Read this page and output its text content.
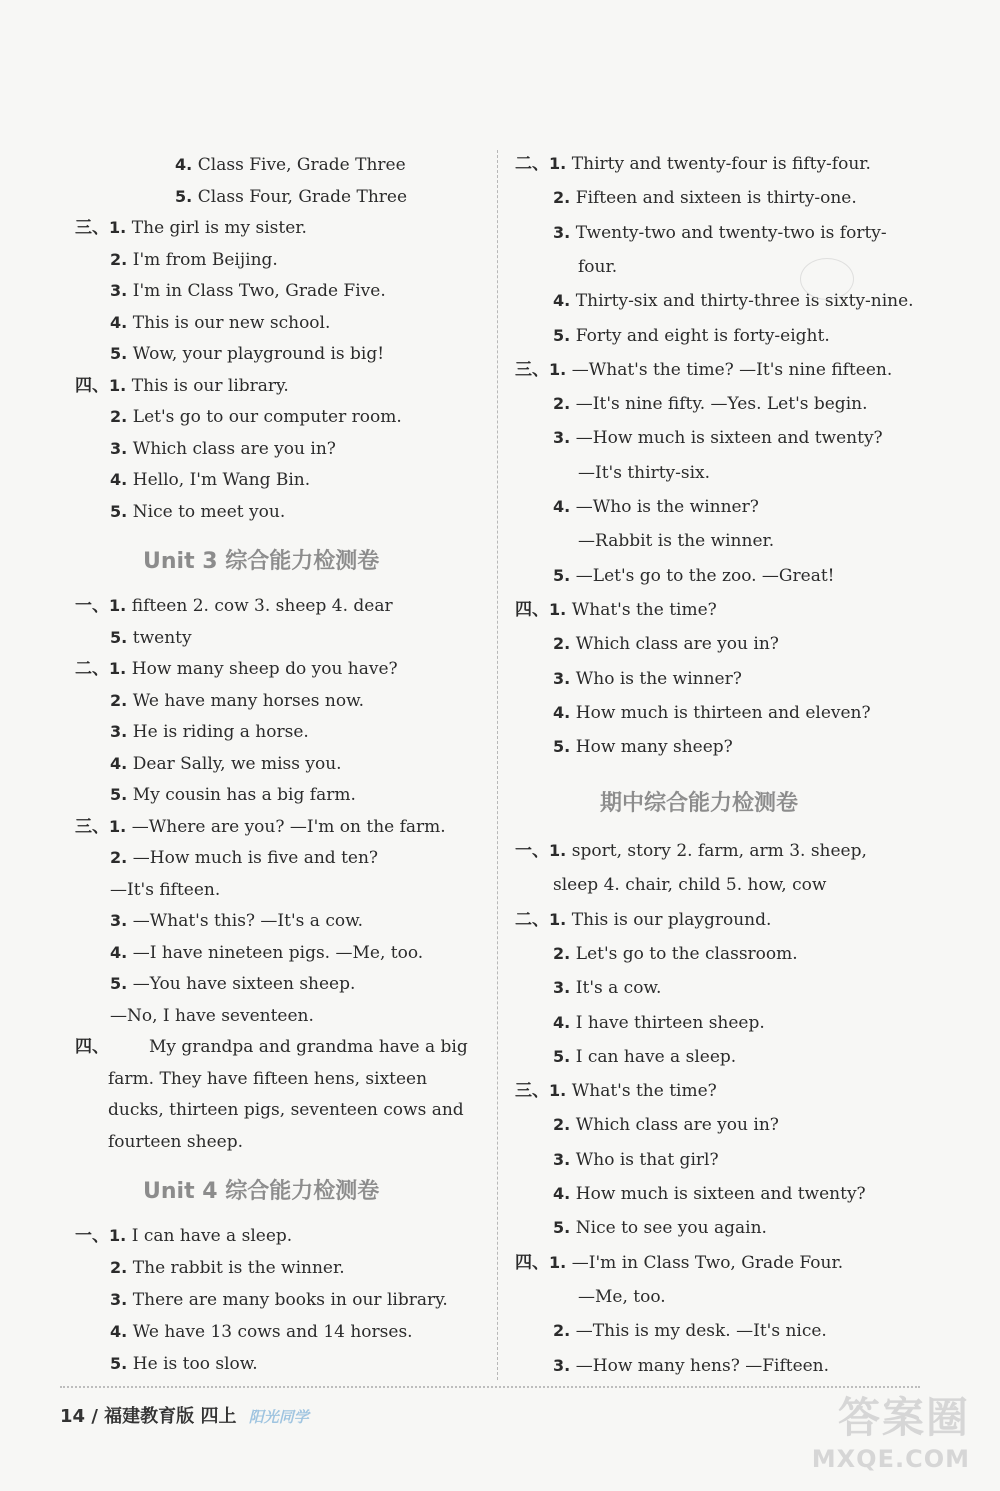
4. Class Five, Grade Three
5. Class Four, Grade Three
三、1. The girl is my sister.
2. I'm from Beijing.
3. I'm in Class Two, Grade Five.
4. This is our new school.
5. Wow, your playground is big!
四、1. This is our library.
2. Let's go to our computer room.
3. Which class are you in?
4. Hello, I'm Wang Bin.
5. Nice to meet you.
一、1. fifteen 2. cow 3. sheep 4. dear
5. twenty
二、1. How many sheep do you have?
2. We have many horses now.
3. He is riding a horse.
4. Dear Sally, we miss you.
5. My cousin has a big farm.
三、1. —Where are you? —I'm on the farm.
2. —How much is five and ten?
—It's fifteen.
3. —What's this? —It's a cow.
4. —I have nineteen pigs. —Me, too.
5. —You have sixteen sheep.
—No, I have seventeen.
四、 My grandpa and grandma have a big
farm. They have fifteen hens, sixteen
ducks, thirteen pigs, seventeen cows and
fourteen sheep.
一、1. I can have a sleep.
2. The rabbit is the winner.
3. There are many books in our library.
4. We have 13 cows and 14 horses.
5. He is too slow.
二、1. Thirty and twenty-four is fifty-four.
2. Fifteen and sixteen is thirty-one.
3. Twenty-two and twenty-two is forty-
four.
4. Thirty-six and thirty-three is sixty-nine.
5. Forty and eight is forty-eight.
三、1. —What's the time? —It's nine fifteen.
2. —It's nine fifty. —Yes. Let's begin.
3. —How much is sixteen and twenty?
—It's thirty-six.
4. —Who is the winner?
—Rabbit is the winner.
5. —Let's go to the zoo. —Great!
四、1. What's the time?
2. Which class are you in?
3. Who is the winner?
4. How much is thirteen and eleven?
5. How many sheep?
一、1. sport, story 2. farm, arm 3. sheep,
sleep 4. chair, child 5. how, cow
二、1. This is our playground.
2. Let's go to the classroom.
3. It's a cow.
4. I have thirteen sheep.
5. I can have a sleep.
三、1. What's the time?
2. Which class are you in?
3. Who is that girl?
4. How much is sixteen and twenty?
5. Nice to see you again.
四、1. —I'm in Class Two, Grade Four.
—Me, too.
2. —This is my desk. —It's nice.
3. —How many hens? —Fifteen.
Unit 3 综合能力检测卷
Unit 4 综合能力检测卷
期中综合能力检测卷
14 / 福建教育版 四上 阳光同学	答案圈
MXQE.COM
